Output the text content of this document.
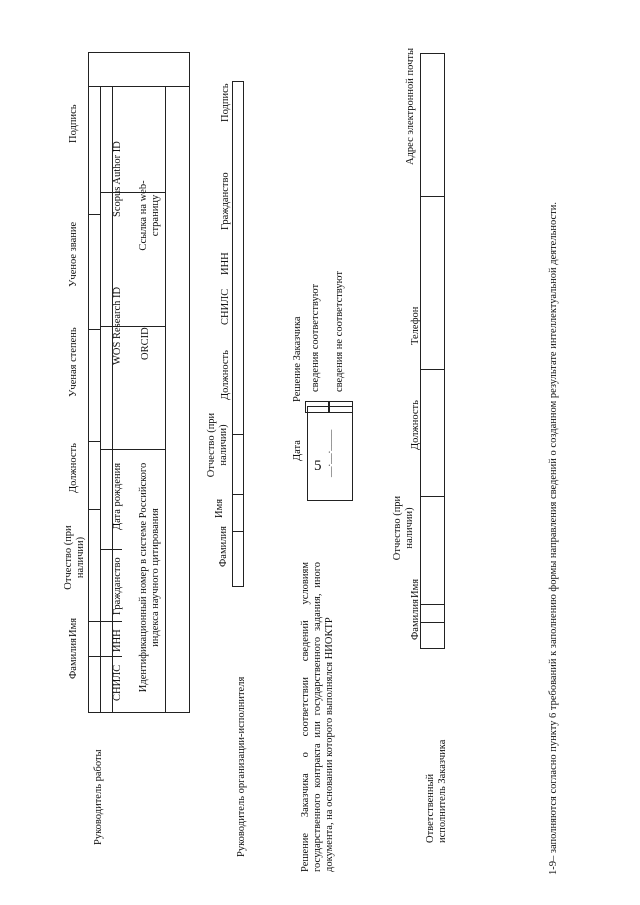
5
Руководитель работы
Фамилия
Имя
Отчество (при наличии)
Должность
Ученая степень
Ученое звание
Подпись
СНИЛС
ИНН
Гражданство
Дата рождения
WOS Research ID
Scopus Author ID
Идентификационный номер в системе Российского индекса научного цитирования
ORCID
Ссылка на web-страницу
Руководитель организации-исполнителя
Фамилия
Имя
Отчество (при наличии)
Должность
СНИЛС
ИНН
Гражданство
Подпись
Решение Заказчика о соответствии сведений условиям государственного контракта или государственного задания, иного документа, на основании которого выполнялся НИОКТР
Дата __.__.____
Решение Заказчика сведения соответствуют сведения не соответствуют
Ответственный исполнитель Заказчика
Фамилия
Имя
Отчество (при наличии)
Должность
Телефон
Адрес электронной почты
1-9– заполняются согласно пункту 6 требований к заполнению формы направления сведений о созданном результате интеллектуальной деятельности.
